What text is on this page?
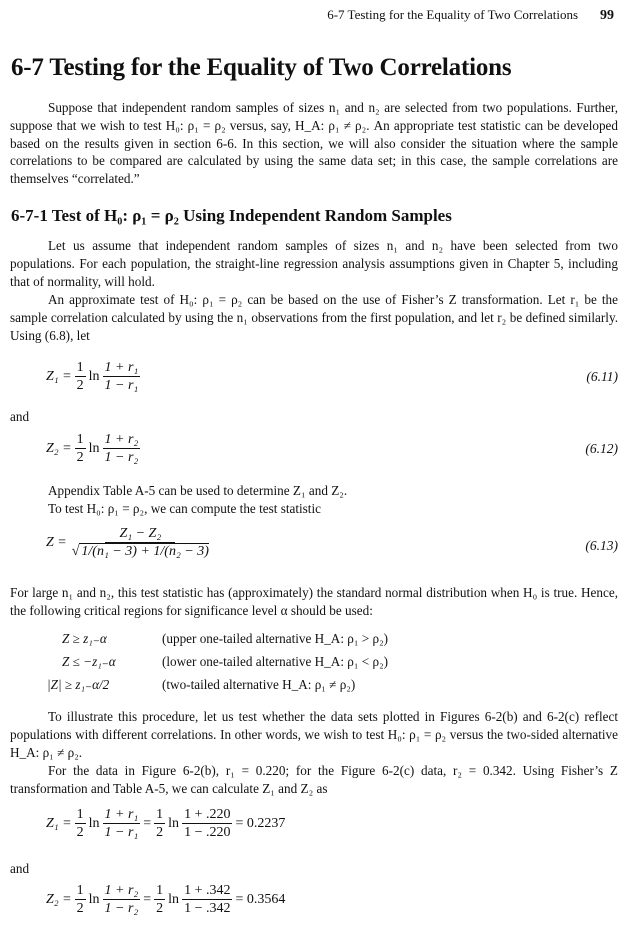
6-7 Testing for the Equality of Two Correlations 99
6-7 Testing for the Equality of Two Correlations

Suppose that independent random samples of sizes n₁ and n₂ are selected from two populations. Further, suppose that we wish to test H₀: ρ₁ = ρ₂ versus, say, H_A: ρ₁ ≠ ρ₂. An appropriate test statistic can be developed based on the results given in section 6-6. In this section, we will also consider the situation where the sample correlations to be compared are calculated by using the same data set; in this case, the sample correlations are themselves “correlated.”

6-7-1 Test of H₀: ρ₁ = ρ₂ Using Independent Random Samples

Let us assume that independent random samples of sizes n₁ and n₂ have been selected from two populations. For each population, the straight-line regression analysis assumptions given in Chapter 5, including that of normality, will hold.

An approximate test of H₀: ρ₁ = ρ₂ can be based on the use of Fisher’s Z transformation. Let r₁ be the sample correlation calculated by using the n₁ observations from the first population, and let r₂ be defined similarly. Using (6.8), let

$Z_1 = \frac{1}{2}$ $\ln \frac{\text{1 + r₁}}{\text{1 − r₁}}$	(6.11)
and
$Z_2 = \frac{1}{2}$ $\ln \frac{\text{1 + r₂}}{\text{1 − r₂}}$	(6.12)
Appendix Table A-5 can be used to determine Z₁ and Z₂.
To test H₀: ρ₁ = ρ₂, we can compute the test statistic
$Z = \frac{\text{Z₁ − Z₂}}{\text{√ 1/(n₁ − 3) + 1/(n₂ − 3)}}$	(6.13)

For large n₁ and n₂, this test statistic has (approximately) the standard normal distribution when H₀ is true. Hence, the following critical regions for significance level α should be used:

Z ≥ z₁₋α	(upper one-tailed alternative H_A: ρ₁ > ρ₂)
Z ≤ −z₁₋α	(lower one-tailed alternative H_A: ρ₁ < ρ₂)
|Z| ≥ z₁₋α/2	(two-tailed alternative H_A: ρ₁ ≠ ρ₂)

To illustrate this procedure, let us test whether the data sets plotted in Figures 6-2(b) and 6-2(c) reflect populations with different correlations. In other words, we wish to test H₀: ρ₁ = ρ₂ versus the two-sided alternative H_A: ρ₁ ≠ ρ₂.

For the data in Figure 6-2(b), r₁ = 0.220; for the Figure 6-2(c) data, r₂ = 0.342. Using Fisher’s Z transformation and Table A-5, we can calculate Z₁ and Z₂ as

$Z_1 = \frac{1}{2}$ $\ln \frac{\text{1 + r₁}}{\text{1 − r₁}} = \frac{1}{2}$ $\ln \frac{1 + .220}{1 - .220} = 0.2237$
and
$Z_2 = \frac{1}{2}$ $\ln \frac{\text{1 + r₂}}{\text{1 − r₂}} = \frac{1}{2}$ $\ln \frac{1 + .342}{1 - .342} = 0.3564$
